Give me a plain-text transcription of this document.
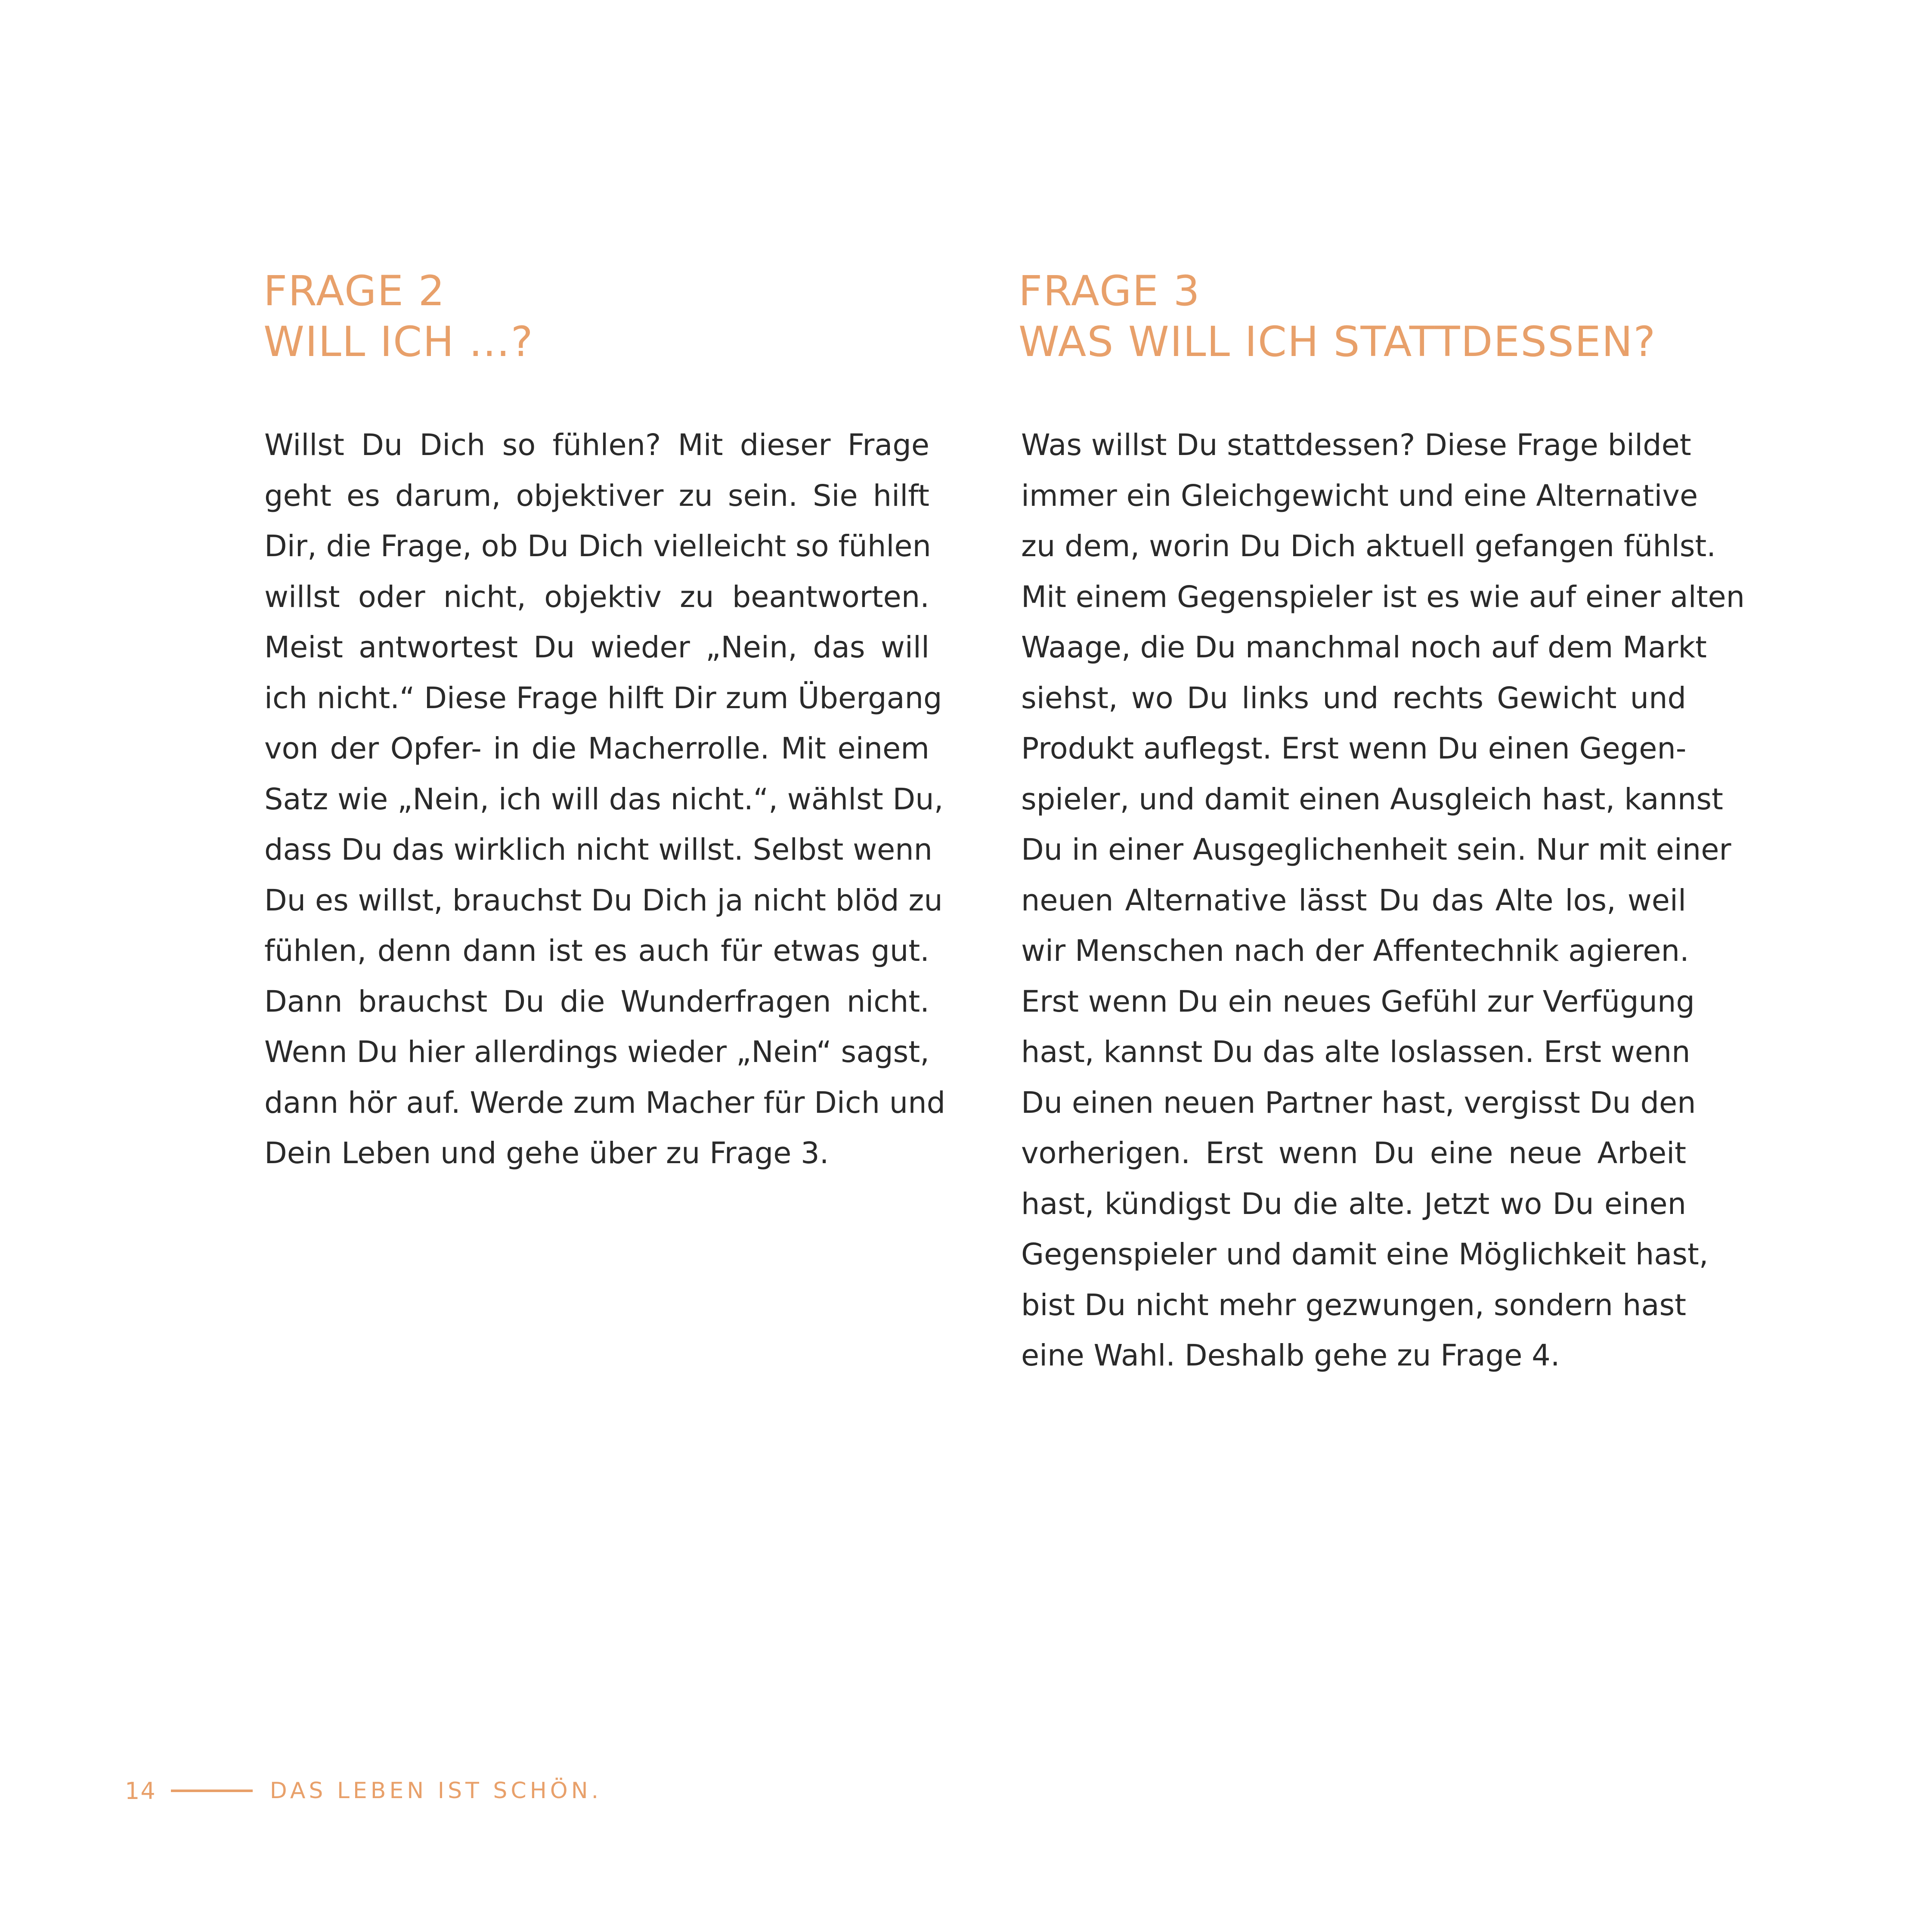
FRAGE 2
WILL ICH …?
FRAGE 3
WAS WILL ICH STATTDESSEN?
Willst Du Dich so fühlen? Mit dieser Frage
geht es darum, objektiver zu sein. Sie hilft
Dir, die Frage, ob Du Dich vielleicht so fühlen
willst oder nicht, objektiv zu beantworten.
Meist antwortest Du wieder „Nein, das will
ich nicht.“ Diese Frage hilft Dir zum Übergang
von der Opfer- in die Macherrolle. Mit einem
Satz wie „Nein, ich will das nicht.“, wählst Du,
dass Du das wirklich nicht willst. Selbst wenn
Du es willst, brauchst Du Dich ja nicht blöd zu
fühlen, denn dann ist es auch für etwas gut.
Dann brauchst Du die Wunderfragen nicht.
Wenn Du hier allerdings wieder „Nein“ sagst,
dann hör auf. Werde zum Macher für Dich und
Dein Leben und gehe über zu Frage 3.
Was willst Du stattdessen? Diese Frage bildet
immer ein Gleichgewicht und eine Alternative
zu dem, worin Du Dich aktuell gefangen fühlst.
Mit einem Gegenspieler ist es wie auf einer alten
Waage, die Du manchmal noch auf dem Markt
siehst, wo Du links und rechts Gewicht und
Produkt auflegst. Erst wenn Du einen Gegen-
spieler, und damit einen Ausgleich hast, kannst
Du in einer Ausgeglichenheit sein. Nur mit einer
neuen Alternative lässt Du das Alte los, weil
wir Menschen nach der Affentechnik agieren.
Erst wenn Du ein neues Gefühl zur Verfügung
hast, kannst Du das alte loslassen. Erst wenn
Du einen neuen Partner hast, vergisst Du den
vorherigen. Erst wenn Du eine neue Arbeit
hast, kündigst Du die alte. Jetzt wo Du einen
Gegenspieler und damit eine Möglichkeit hast,
bist Du nicht mehr gezwungen, sondern hast
eine Wahl. Deshalb gehe zu Frage 4.
14	DAS LEBEN IST SCHÖN.
